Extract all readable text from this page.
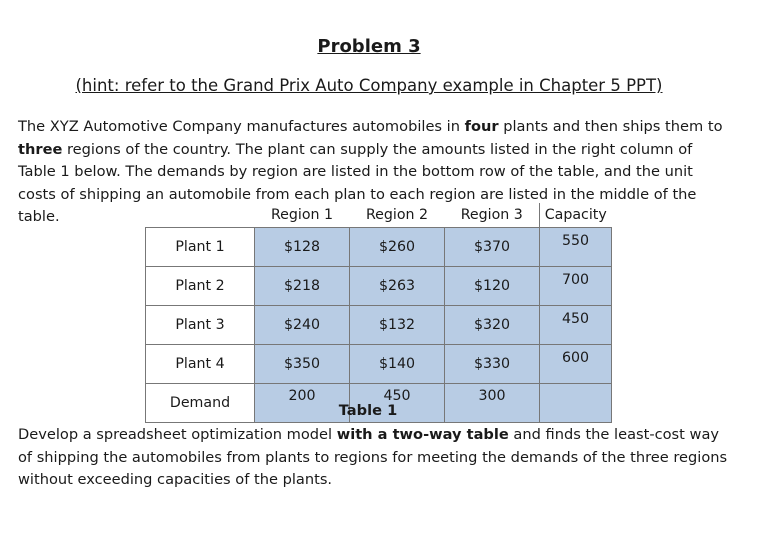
Problem 3
(hint: refer to the Grand Prix Auto Company example in Chapter 5 PPT)
The XYZ Automotive Company manufactures automobiles in four plants and then ships them to three regions of the country. The plant can supply the amounts listed in the right column of Table 1 below. The demands by region are listed in the bottom row of the table, and the unit costs of shipping an automobile from each plan to each region are listed in the middle of the table.
		Region 1	Region 2	Region 3	Capacity
Plant 1	$128	$260	$370	550
Plant 2	$218	$263	$120	700
Plant 3	$240	$132	$320	450
Plant 4	$350	$140	$330	600
Demand	200	450	300	
Table 1
Develop a spreadsheet optimization model with a two-way table and finds the least-cost way of shipping the automobiles from plants to regions for meeting the demands of the three regions without exceeding capacities of the plants.
